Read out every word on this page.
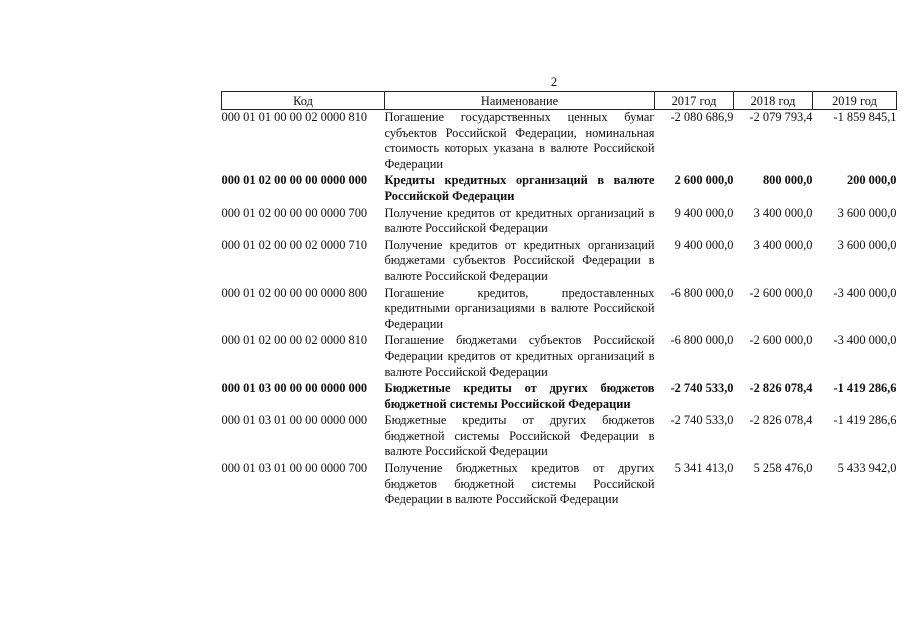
2
Код	Наименование	2017 год	2018 год	2019 год
000 01 01 00 00 02 0000 810	Погашение государственных ценных бумаг субъектов Российской Федерации, номинальная стоимость которых указана в валюте Российской Федерации	-2 080 686,9	-2 079 793,4	-1 859 845,1
000 01 02 00 00 00 0000 000	Кредиты кредитных организаций в валюте Российской Федерации	2 600 000,0	800 000,0	200 000,0
000 01 02 00 00 00 0000 700	Получение кредитов от кредитных организаций в валюте Российской Федерации	9 400 000,0	3 400 000,0	3 600 000,0
000 01 02 00 00 02 0000 710	Получение кредитов от кредитных организаций бюджетами субъектов Российской Федерации в валюте Российской Федерации	9 400 000,0	3 400 000,0	3 600 000,0
000 01 02 00 00 00 0000 800	Погашение кредитов, предоставленных кредитными организациями в валюте Российской Федерации	-6 800 000,0	-2 600 000,0	-3 400 000,0
000 01 02 00 00 02 0000 810	Погашение бюджетами субъектов Российской Федерации кредитов от кредитных организаций в валюте Российской Федерации	-6 800 000,0	-2 600 000,0	-3 400 000,0
000 01 03 00 00 00 0000 000	Бюджетные кредиты от других бюджетов бюджетной системы Российской Федерации	-2 740 533,0	-2 826 078,4	-1 419 286,6
000 01 03 01 00 00 0000 000	Бюджетные кредиты от других бюджетов бюджетной системы Российской Федерации в валюте Российской Федерации	-2 740 533,0	-2 826 078,4	-1 419 286,6
000 01 03 01 00 00 0000 700	Получение бюджетных кредитов от других бюджетов бюджетной системы Российской Федерации в валюте Российской Федерации	5 341 413,0	5 258 476,0	5 433 942,0
